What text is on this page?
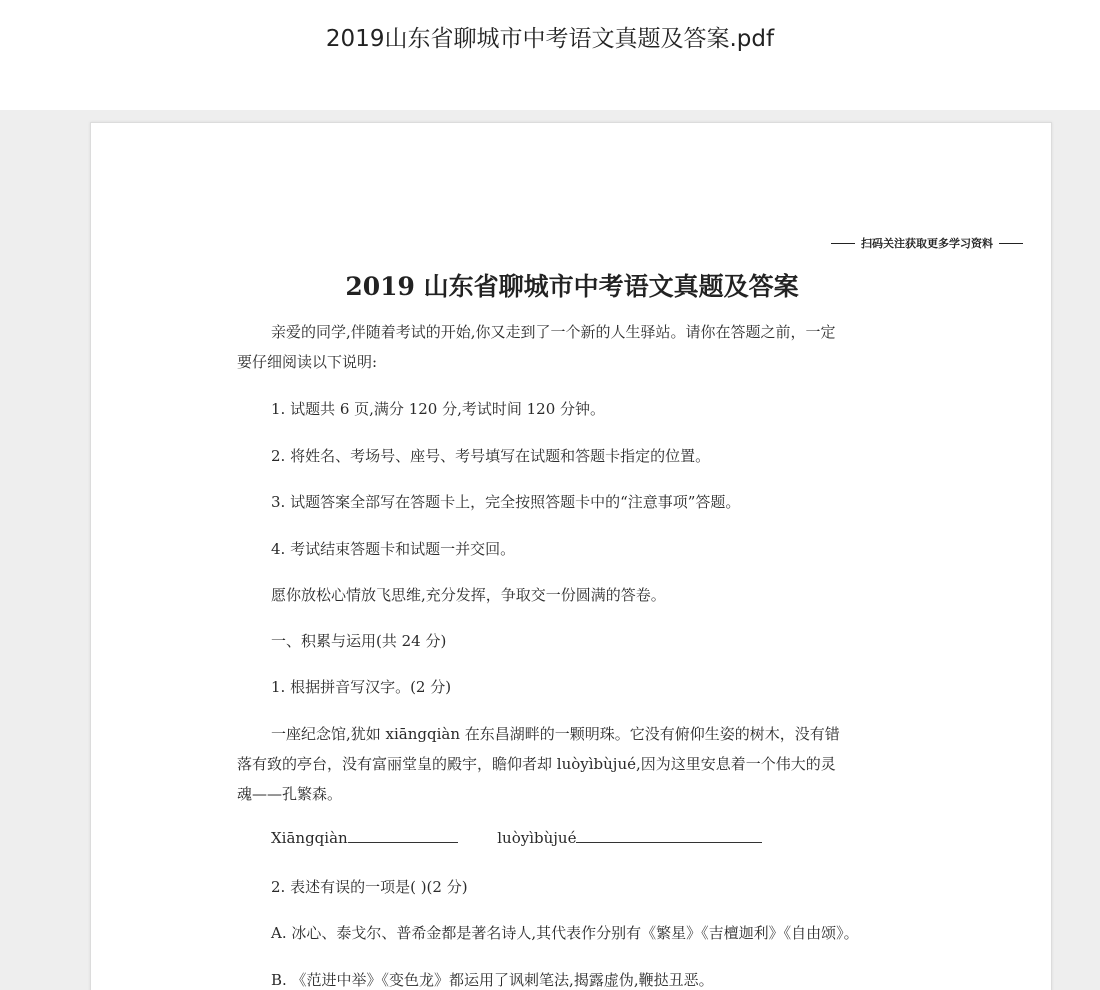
2019山东省聊城市中考语文真题及答案.pdf
扫码关注获取更多学习资料
2019 山东省聊城市中考语文真题及答案
亲爱的同学,伴随着考试的开始,你又走到了一个新的人生驿站。请你在答题之前，一定
要仔细阅读以下说明:
1. 试题共 6 页,满分 120 分,考试时间 120 分钟。
2. 将姓名、考场号、座号、考号填写在试题和答题卡指定的位置。
3. 试题答案全部写在答题卡上，完全按照答题卡中的“注意事项”答题。
4. 考试结束答题卡和试题一并交回。
愿你放松心情放飞思维,充分发挥，争取交一份圆满的答卷。
一、积累与运用(共 24 分)
1. 根据拼音写汉字。(2 分)
一座纪念馆,犹如 xiāngqiàn 在东昌湖畔的一颗明珠。它没有俯仰生姿的树木，没有错
落有致的亭台，没有富丽堂皇的殿宇，瞻仰者却 luòyìbùjué,因为这里安息着一个伟大的灵
魂——孔繁森。
Xiāngqiàn	luòyìbùjué
2. 表述有误的一项是( )(2 分)
A. 冰心、泰戈尔、普希金都是著名诗人,其代表作分别有《繁星》《吉檀迦利》《自由颂》。
B. 《范进中举》《变色龙》都运用了讽刺笔法,揭露虚伪,鞭挞丑恶。
